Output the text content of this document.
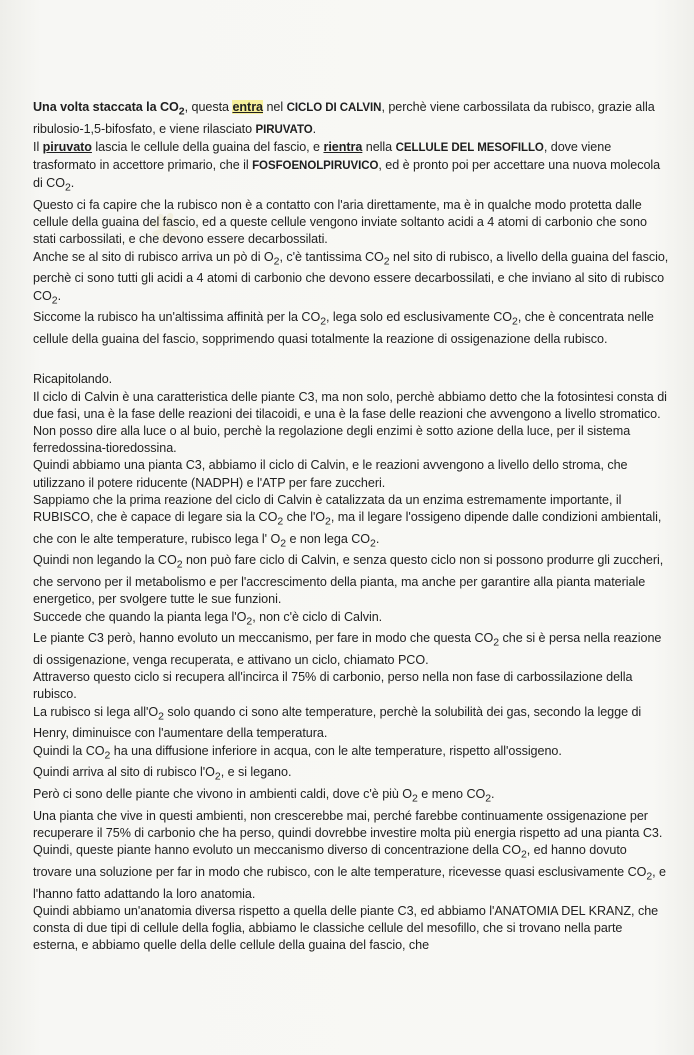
❋

Una volta staccata la $CO_2$, questa entra nel CICLO DI CALVIN, perchè viene carbossilata da rubisco, grazie alla ribulosio-1,5-bifosfato, e viene rilasciato PIRUVATO.

Il piruvato lascia le cellule della guaina del fascio, e rientra nella CELLULE DEL MESOFILLO, dove viene trasformato in accettore primario, che il FOSFOENOLPIRUVICO, ed è pronto poi per accettare una nuova molecola di $CO_2$.

Questo ci fa capire che la rubisco non è a contatto con l'aria direttamente, ma è in qualche modo protetta dalle cellule della guaina del fascio, ed a queste cellule vengono inviate soltanto acidi a 4 atomi di carbonio che sono stati carbossilati, e che devono essere decarbossilati.

Anche se al sito di rubisco arriva un pò di $O_2$, c'è tantissima $CO_2$ nel sito di rubisco, a livello della guaina del fascio, perchè ci sono tutti gli acidi a 4 atomi di carbonio che devono essere decarbossilati, e che inviano al sito di rubisco $CO_2$.

Siccome la rubisco ha un'altissima affinità per la $CO_2$, lega solo ed esclusivamente $CO_2$, che è concentrata nelle cellule della guaina del fascio, sopprimendo quasi totalmente la reazione di ossigenazione della rubisco.

Ricapitolando.

Il ciclo di Calvin è una caratteristica delle piante C3, ma non solo, perchè abbiamo detto che la fotosintesi consta di due fasi, una è la fase delle reazioni dei tilacoidi, e una è la fase delle reazioni che avvengono a livello stromatico.

Non posso dire alla luce o al buio, perchè la regolazione degli enzimi è sotto azione della luce, per il sistema ferredossina-tioredossina.

Quindi abbiamo una pianta C3, abbiamo il ciclo di Calvin, e le reazioni avvengono a livello dello stroma, che utilizzano il potere riducente (NADPH) e l'ATP per fare zuccheri.

Sappiamo che la prima reazione del ciclo di Calvin è catalizzata da un enzima estremamente importante, il RUBISCO, che è capace di legare sia la $CO_2$ che $l'O_2$, ma il legare l'ossigeno dipende dalle condizioni ambientali, che con le alte temperature, rubisco lega l' $O_2$ e non lega $CO_2$.

Quindi non legando la $CO_2$ non può fare ciclo di Calvin, e senza questo ciclo non si possono produrre gli zuccheri, che servono per il metabolismo e per l'accrescimento della pianta, ma anche per garantire alla pianta materiale energetico, per svolgere tutte le sue funzioni.

Succede che quando la pianta lega $l'O_2$, non c'è ciclo di Calvin.

Le piante C3 però, hanno evoluto un meccanismo, per fare in modo che questa $CO_2$ che si è persa nella reazione di ossigenazione, venga recuperata, e attivano un ciclo, chiamato PCO.

Attraverso questo ciclo si recupera all'incirca il 75% di carbonio, perso nella non fase di carbossilazione della rubisco.

La rubisco si lega $all'O_2$ solo quando ci sono alte temperature, perchè la solubilità dei gas, secondo la legge di Henry, diminuisce con l'aumentare della temperatura.

Quindi la $CO_2$ ha una diffusione inferiore in acqua, con le alte temperature, rispetto all'ossigeno.

Quindi arriva al sito di rubisco $l'O_2$, e si legano.

Però ci sono delle piante che vivono in ambienti caldi, dove c'è più $O_2$ e meno $CO_2$.

Una pianta che vive in questi ambienti, non crescerebbe mai, perché farebbe continuamente ossigenazione per recuperare il 75% di carbonio che ha perso, quindi dovrebbe investire molta più energia rispetto ad una pianta C3.

Quindi, queste piante hanno evoluto un meccanismo diverso di concentrazione della $CO_2$, ed hanno dovuto trovare una soluzione per far in modo che rubisco, con le alte temperature, ricevesse quasi esclusivamente $CO_2$, e l'hanno fatto adattando la loro anatomia.

Quindi abbiamo un'anatomia diversa rispetto a quella delle piante C3, ed abbiamo l'ANATOMIA DEL KRANZ, che consta di due tipi di cellule della foglia, abbiamo le classiche cellule del mesofillo, che si trovano nella parte esterna, e abbiamo quelle della delle cellule della guaina del fascio, che
